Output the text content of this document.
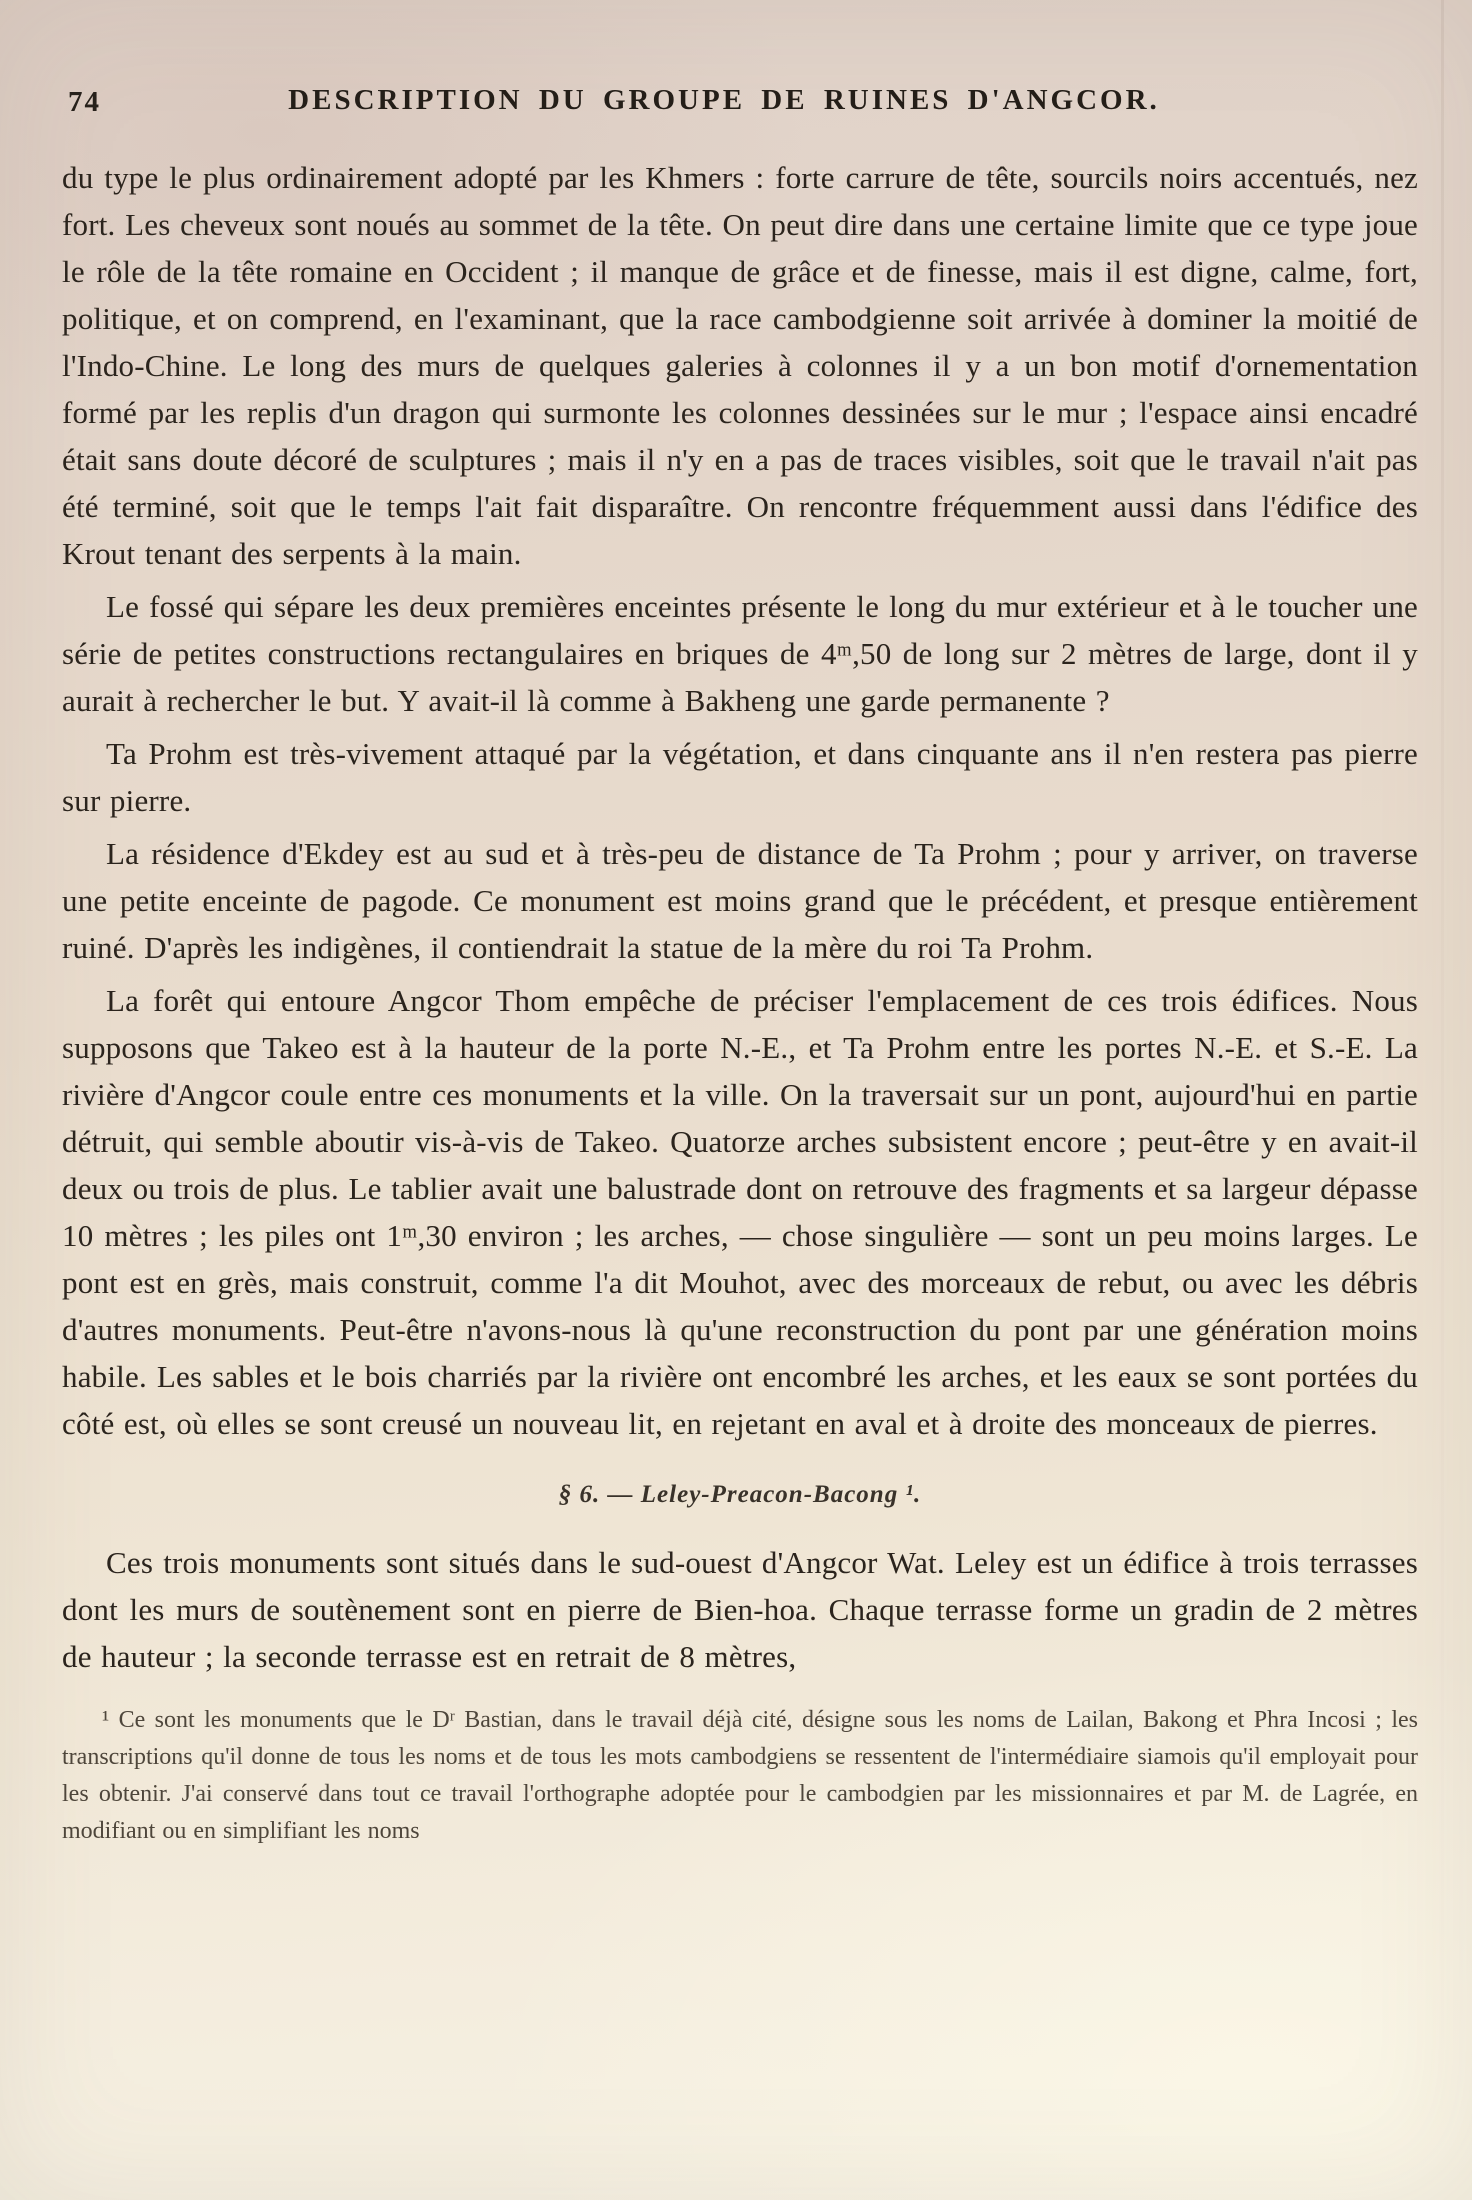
74	DESCRIPTION DU GROUPE DE RUINES D'ANGCOR.

du type le plus ordinairement adopté par les Khmers : forte carrure de tête, sourcils noirs accentués, nez fort. Les cheveux sont noués au sommet de la tête. On peut dire dans une certaine limite que ce type joue le rôle de la tête romaine en Occident ; il manque de grâce et de finesse, mais il est digne, calme, fort, politique, et on comprend, en l'examinant, que la race cambodgienne soit arrivée à dominer la moitié de l'Indo-Chine. Le long des murs de quelques galeries à colonnes il y a un bon motif d'ornementation formé par les replis d'un dragon qui surmonte les colonnes dessinées sur le mur ; l'espace ainsi encadré était sans doute décoré de sculptures ; mais il n'y en a pas de traces visibles, soit que le travail n'ait pas été terminé, soit que le temps l'ait fait disparaître. On rencontre fréquemment aussi dans l'édifice des Krout tenant des serpents à la main.

Le fossé qui sépare les deux premières enceintes présente le long du mur extérieur et à le toucher une série de petites constructions rectangulaires en briques de 4ᵐ,50 de long sur 2 mètres de large, dont il y aurait à rechercher le but. Y avait-il là comme à Bakheng une garde permanente ?

Ta Prohm est très-vivement attaqué par la végétation, et dans cinquante ans il n'en restera pas pierre sur pierre.

La résidence d'Ekdey est au sud et à très-peu de distance de Ta Prohm ; pour y arriver, on traverse une petite enceinte de pagode. Ce monument est moins grand que le précédent, et presque entièrement ruiné. D'après les indigènes, il contiendrait la statue de la mère du roi Ta Prohm.

La forêt qui entoure Angcor Thom empêche de préciser l'emplacement de ces trois édifices. Nous supposons que Takeo est à la hauteur de la porte N.-E., et Ta Prohm entre les portes N.-E. et S.-E. La rivière d'Angcor coule entre ces monuments et la ville. On la traversait sur un pont, aujourd'hui en partie détruit, qui semble aboutir vis-à-vis de Takeo. Quatorze arches subsistent encore ; peut-être y en avait-il deux ou trois de plus. Le tablier avait une balustrade dont on retrouve des fragments et sa largeur dépasse 10 mètres ; les piles ont 1ᵐ,30 environ ; les arches, — chose singulière — sont un peu moins larges. Le pont est en grès, mais construit, comme l'a dit Mouhot, avec des morceaux de rebut, ou avec les débris d'autres monuments. Peut-être n'avons-nous là qu'une reconstruction du pont par une génération moins habile. Les sables et le bois charriés par la rivière ont encombré les arches, et les eaux se sont portées du côté est, où elles se sont creusé un nouveau lit, en rejetant en aval et à droite des monceaux de pierres.

§ 6. — Leley-Preacon-Bacong ¹.

Ces trois monuments sont situés dans le sud-ouest d'Angcor Wat. Leley est un édifice à trois terrasses dont les murs de soutènement sont en pierre de Bien-hoa. Chaque terrasse forme un gradin de 2 mètres de hauteur ; la seconde terrasse est en retrait de 8 mètres,

¹ Ce sont les monuments que le Dʳ Bastian, dans le travail déjà cité, désigne sous les noms de Lailan, Bakong et Phra Incosi ; les transcriptions qu'il donne de tous les noms et de tous les mots cambodgiens se ressentent de l'intermédiaire siamois qu'il employait pour les obtenir. J'ai conservé dans tout ce travail l'orthographe adoptée pour le cambodgien par les missionnaires et par M. de Lagrée, en modifiant ou en simplifiant les noms
